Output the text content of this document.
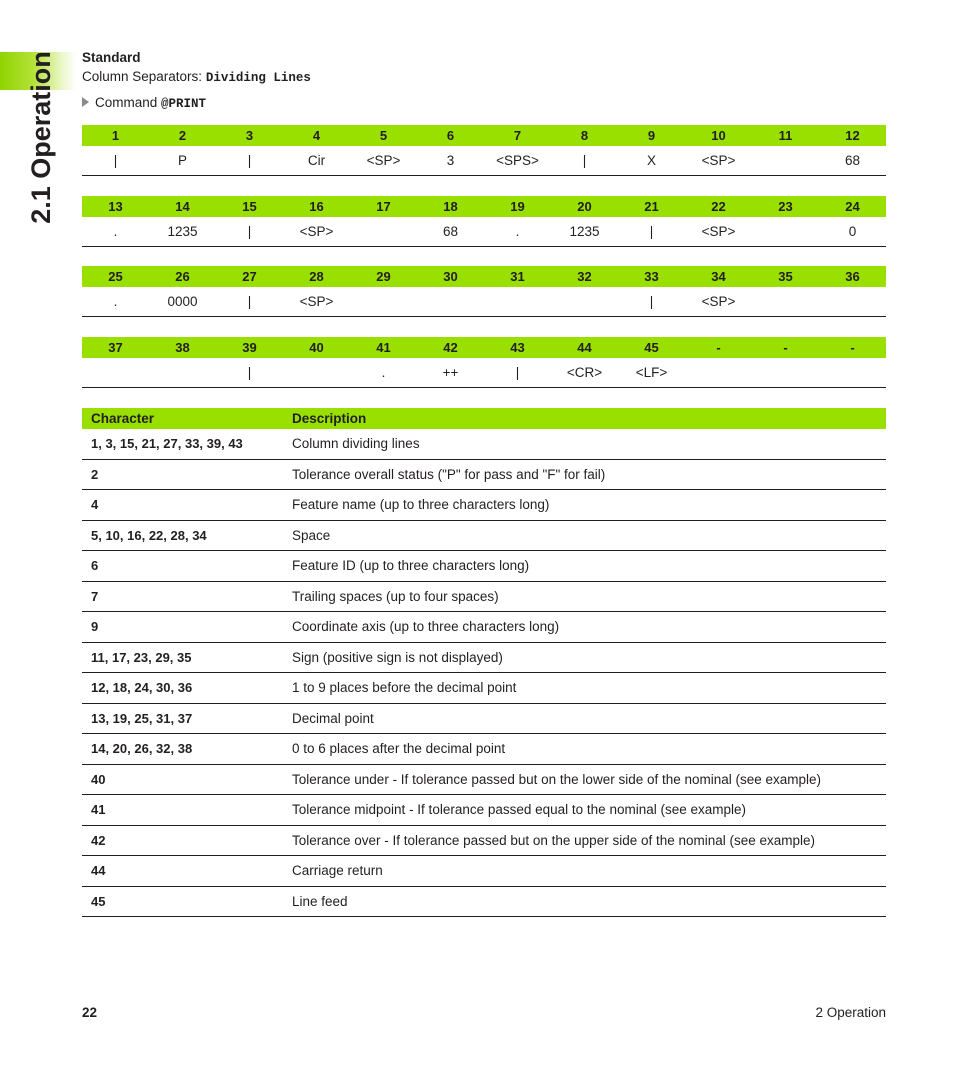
2.1 Operation Standard
Column Separators: Dividing Lines
Command @PRINT
1	2	3	4	5	6	7	8	9	10	11	12
|	P	|	Cir	<SP>	3	<SPS>	|	X	<SP>		68
13	14	15	16	17	18	19	20	21	22	23	24
.	1235	|	<SP>		68	.	1235	|	<SP>		0
25	26	27	28	29	30	31	32	33	34	35	36
.	0000	|	<SP>					|	<SP>		
37	38	39	40	41	42	43	44	45	-	-	-
		|		.	++	|	<CR>	<LF>			
Character	Description
1, 3, 15, 21, 27, 33, 39, 43	Column dividing lines
2	Tolerance overall status ("P" for pass and "F" for fail)
4	Feature name (up to three characters long)
5, 10, 16, 22, 28, 34	Space
6	Feature ID (up to three characters long)
7	Trailing spaces (up to four spaces)
9	Coordinate axis (up to three characters long)
11, 17, 23, 29, 35	Sign (positive sign is not displayed)
12, 18, 24, 30, 36	1 to 9 places before the decimal point
13, 19, 25, 31, 37	Decimal point
14, 20, 26, 32, 38	0 to 6 places after the decimal point
40	Tolerance under - If tolerance passed but on the lower side of the nominal (see example)
41	Tolerance midpoint - If tolerance passed equal to the nominal (see example)
42	Tolerance over - If tolerance passed but on the upper side of the nominal (see example)
44	Carriage return
45	Line feed
22	2 Operation
